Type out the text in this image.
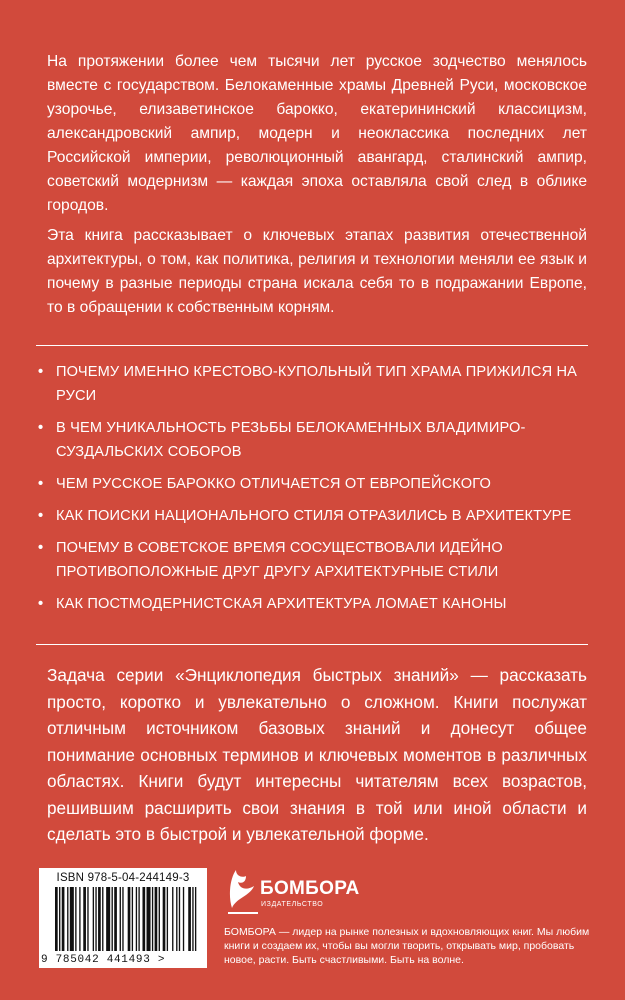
На протяжении более чем тысячи лет русское зодчество менялось вместе с государством. Белокаменные храмы Древней Руси, московское узорочье, елизаветинское барокко, екатерининский классицизм, александровский ампир, модерн и неоклассика последних лет Российской империи, революционный авангард, сталинский ампир, советский модернизм — каждая эпоха оставляла свой след в облике городов.

Эта книга рассказывает о ключевых этапах развития отечественной архитектуры, о том, как политика, религия и технологии меняли ее язык и почему в разные периоды страна искала себя то в подражании Европе, то в обращении к собственным корням.

• ПОЧЕМУ ИМЕННО КРЕСТОВО-КУПОЛЬНЫЙ ТИП ХРАМА ПРИЖИЛСЯ НА РУСИ
• В ЧЕМ УНИКАЛЬНОСТЬ РЕЗЬБЫ БЕЛОКАМЕННЫХ ВЛАДИМИРО-СУЗДАЛЬСКИХ СОБОРОВ
• ЧЕМ РУССКОЕ БАРОККО ОТЛИЧАЕТСЯ ОТ ЕВРОПЕЙСКОГО
• КАК ПОИСКИ НАЦИОНАЛЬНОГО СТИЛЯ ОТРАЗИЛИСЬ В АРХИТЕКТУРЕ
• ПОЧЕМУ В СОВЕТСКОЕ ВРЕМЯ СОСУЩЕСТВОВАЛИ ИДЕЙНО ПРОТИВОПОЛОЖНЫЕ ДРУГ ДРУГУ АРХИТЕКТУРНЫЕ СТИЛИ
• КАК ПОСТМОДЕРНИСТСКАЯ АРХИТЕКТУРА ЛОМАЕТ КАНОНЫ

Задача серии «Энциклопедия быстрых знаний» — рассказать просто, коротко и увлекательно о сложном. Книги послужат отличным источником базовых знаний и донесут общее понимание основных терминов и ключевых моментов в различных областях. Книги будут интересны читателям всех возрастов, решившим расширить свои знания в той или иной области и сделать это в быстрой и увлекательной форме.

ISBN 978-5-04-244149-3
9 785042 441493 >
БОМБОРА
ИЗДАТЕЛЬСТВО

БОМБОРА — лидер на рынке полезных и вдохновляющих книг. Мы любим книги и создаем их, чтобы вы могли творить, открывать мир, пробовать новое, расти. Быть счастливыми. Быть на волне.
